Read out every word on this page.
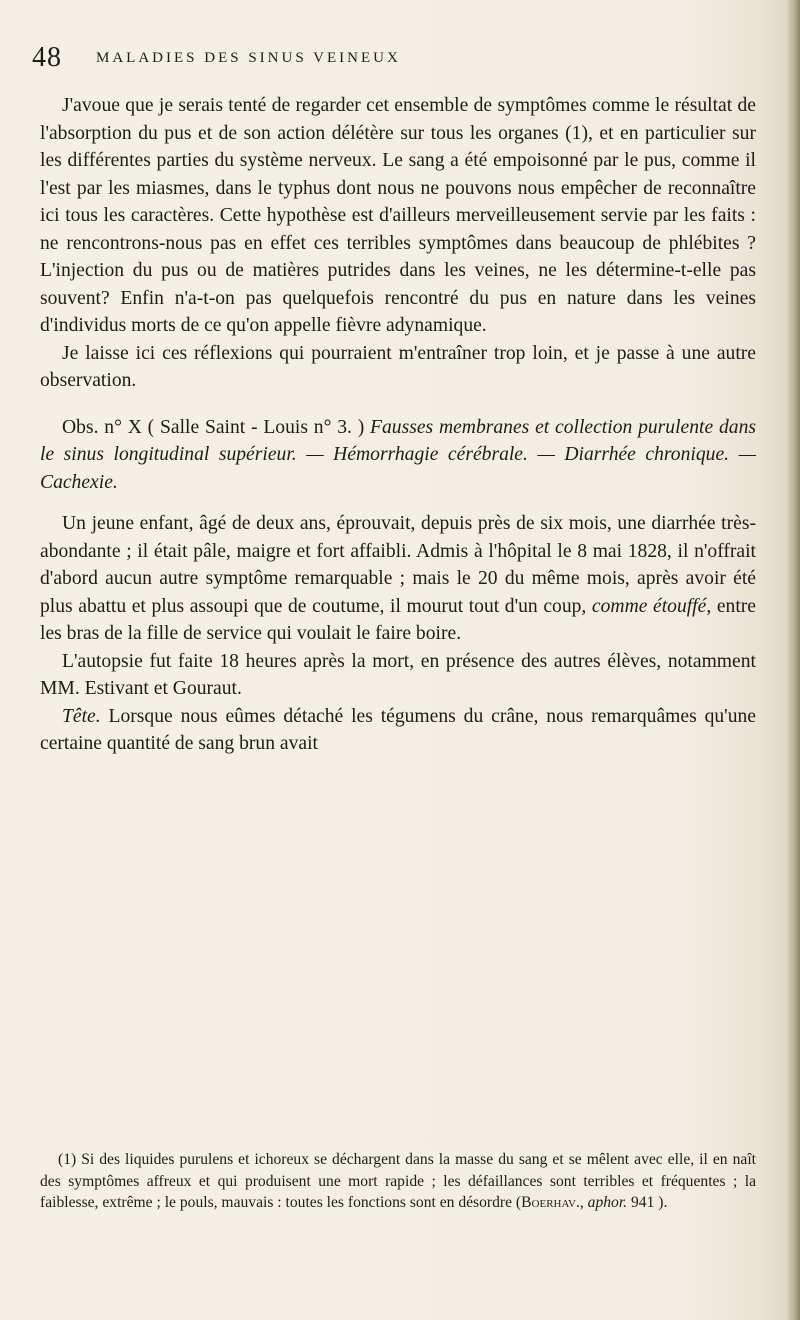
48 MALADIES DES SINUS VEINEUX

J'avoue que je serais tenté de regarder cet ensemble de symptômes comme le résultat de l'absorption du pus et de son action délétère sur tous les organes (1), et en particulier sur les différentes parties du système nerveux. Le sang a été empoisonné par le pus, comme il l'est par les miasmes, dans le typhus dont nous ne pouvons nous empêcher de reconnaître ici tous les caractères. Cette hypothèse est d'ailleurs merveilleusement servie par les faits : ne rencontrons-nous pas en effet ces terribles symptômes dans beaucoup de phlébites ? L'injection du pus ou de matières putrides dans les veines, ne les détermine-t-elle pas souvent? Enfin n'a-t-on pas quelquefois rencontré du pus en nature dans les veines d'individus morts de ce qu'on appelle fièvre adynamique.

Je laisse ici ces réflexions qui pourraient m'entraîner trop loin, et je passe à une autre observation.

Obs. n° X ( Salle Saint - Louis n° 3. ) Fausses membranes et collection purulente dans le sinus longitudinal supérieur. — Hémorrhagie cérébrale. — Diarrhée chronique. — Cachexie.

Un jeune enfant, âgé de deux ans, éprouvait, depuis près de six mois, une diarrhée très-abondante ; il était pâle, maigre et fort affaibli. Admis à l'hôpital le 8 mai 1828, il n'offrait d'abord aucun autre symptôme remarquable ; mais le 20 du même mois, après avoir été plus abattu et plus assoupi que de coutume, il mourut tout d'un coup, comme étouffé, entre les bras de la fille de service qui voulait le faire boire.

L'autopsie fut faite 18 heures après la mort, en présence des autres élèves, notamment MM. Estivant et Gouraut.

Tête. Lorsque nous eûmes détaché les tégumens du crâne, nous remarquâmes qu'une certaine quantité de sang brun avait

(1) Si des liquides purulens et ichoreux se déchargent dans la masse du sang et se mêlent avec elle, il en naît des symptômes affreux et qui produisent une mort rapide ; les défaillances sont terribles et fréquentes ; la faiblesse, extrême ; le pouls, mauvais : toutes les fonctions sont en désordre (Boerhav., aphor. 941 ).
